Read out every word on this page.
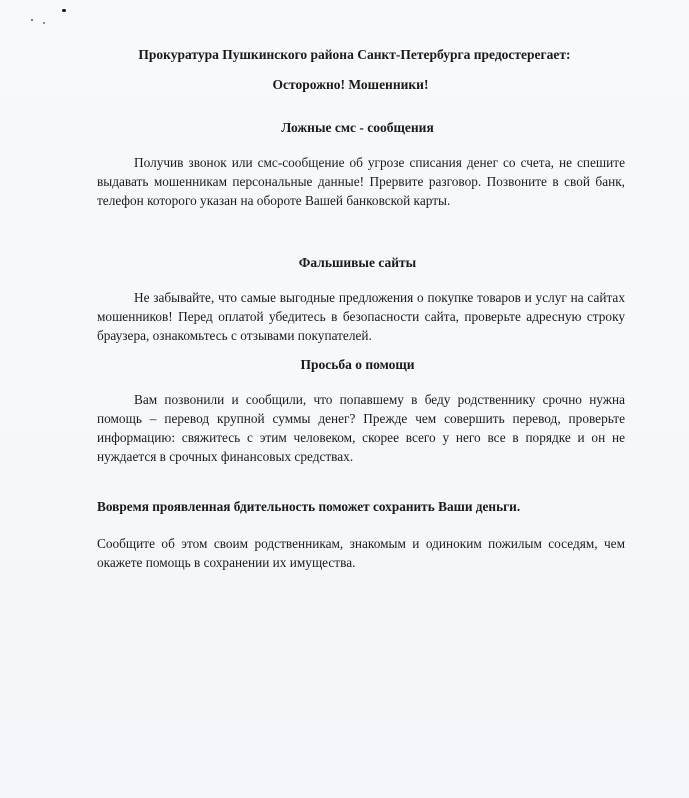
Прокуратура Пушкинского района Санкт-Петербурга предостерегает:
Осторожно! Мошенники!
Ложные смс - сообщения
Получив звонок или смс-сообщение об угрозе списания денег со счета, не спешите выдавать мошенникам персональные данные! Прервите разговор. Позвоните в свой банк, телефон которого указан на обороте Вашей банковской карты.
Фальшивые сайты
Не забывайте, что самые выгодные предложения о покупке товаров и услуг на сайтах мошенников! Перед оплатой убедитесь в безопасности сайта, проверьте адресную строку браузера, ознакомьтесь с отзывами покупателей.
Просьба о помощи
Вам позвонили и сообщили, что попавшему в беду родственнику срочно нужна помощь – перевод крупной суммы денег? Прежде чем совершить перевод, проверьте информацию: свяжитесь с этим человеком, скорее всего у него все в порядке и он не нуждается в срочных финансовых средствах.
Вовремя проявленная бдительность поможет сохранить Ваши деньги.
Сообщите об этом своим родственникам, знакомым и одиноким пожилым соседям, чем окажете помощь в сохранении их имущества.
